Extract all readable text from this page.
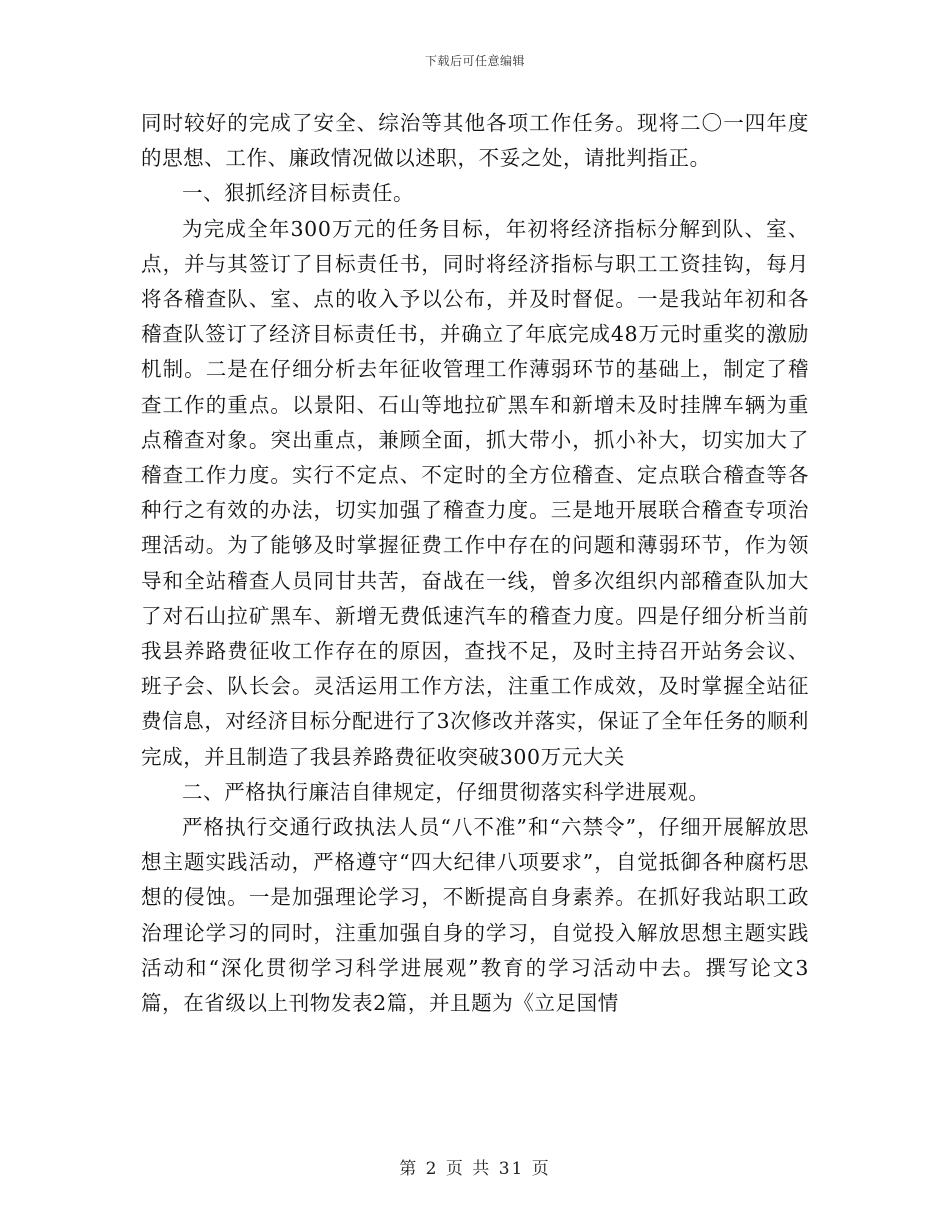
下载后可任意编辑

同时较好的完成了安全、综治等其他各项工作任务。现将二〇一四年度的思想、工作、廉政情况做以述职，不妥之处，请批判指正。

一、狠抓经济目标责任。

为完成全年300万元的任务目标，年初将经济指标分解到队、室、点，并与其签订了目标责任书，同时将经济指标与职工工资挂钩，每月将各稽查队、室、点的收入予以公布，并及时督促。一是我站年初和各稽查队签订了经济目标责任书，并确立了年底完成48万元时重奖的激励机制。二是在仔细分析去年征收管理工作薄弱环节的基础上，制定了稽查工作的重点。以景阳、石山等地拉矿黑车和新增未及时挂牌车辆为重点稽查对象。突出重点，兼顾全面，抓大带小，抓小补大，切实加大了稽查工作力度。实行不定点、不定时的全方位稽查、定点联合稽查等各种行之有效的办法，切实加强了稽查力度。三是地开展联合稽查专项治理活动。为了能够及时掌握征费工作中存在的问题和薄弱环节，作为领导和全站稽查人员同甘共苦，奋战在一线，曾多次组织内部稽查队加大了对石山拉矿黑车、新增无费低速汽车的稽查力度。四是仔细分析当前我县养路费征收工作存在的原因，查找不足，及时主持召开站务会议、班子会、队长会。灵活运用工作方法，注重工作成效，及时掌握全站征费信息，对经济目标分配进行了3次修改并落实，保证了全年任务的顺利完成，并且制造了我县养路费征收突破300万元大关

二、严格执行廉洁自律规定，仔细贯彻落实科学进展观。

严格执行交通行政执法人员“八不准”和“六禁令”，仔细开展解放思想主题实践活动，严格遵守“四大纪律八项要求”，自觉抵御各种腐朽思想的侵蚀。一是加强理论学习，不断提高自身素养。在抓好我站职工政治理论学习的同时，注重加强自身的学习，自觉投入解放思想主题实践活动和“深化贯彻学习科学进展观”教育的学习活动中去。撰写论文3篇，在省级以上刊物发表2篇，并且题为《立足国情

第 2 页 共 31 页
